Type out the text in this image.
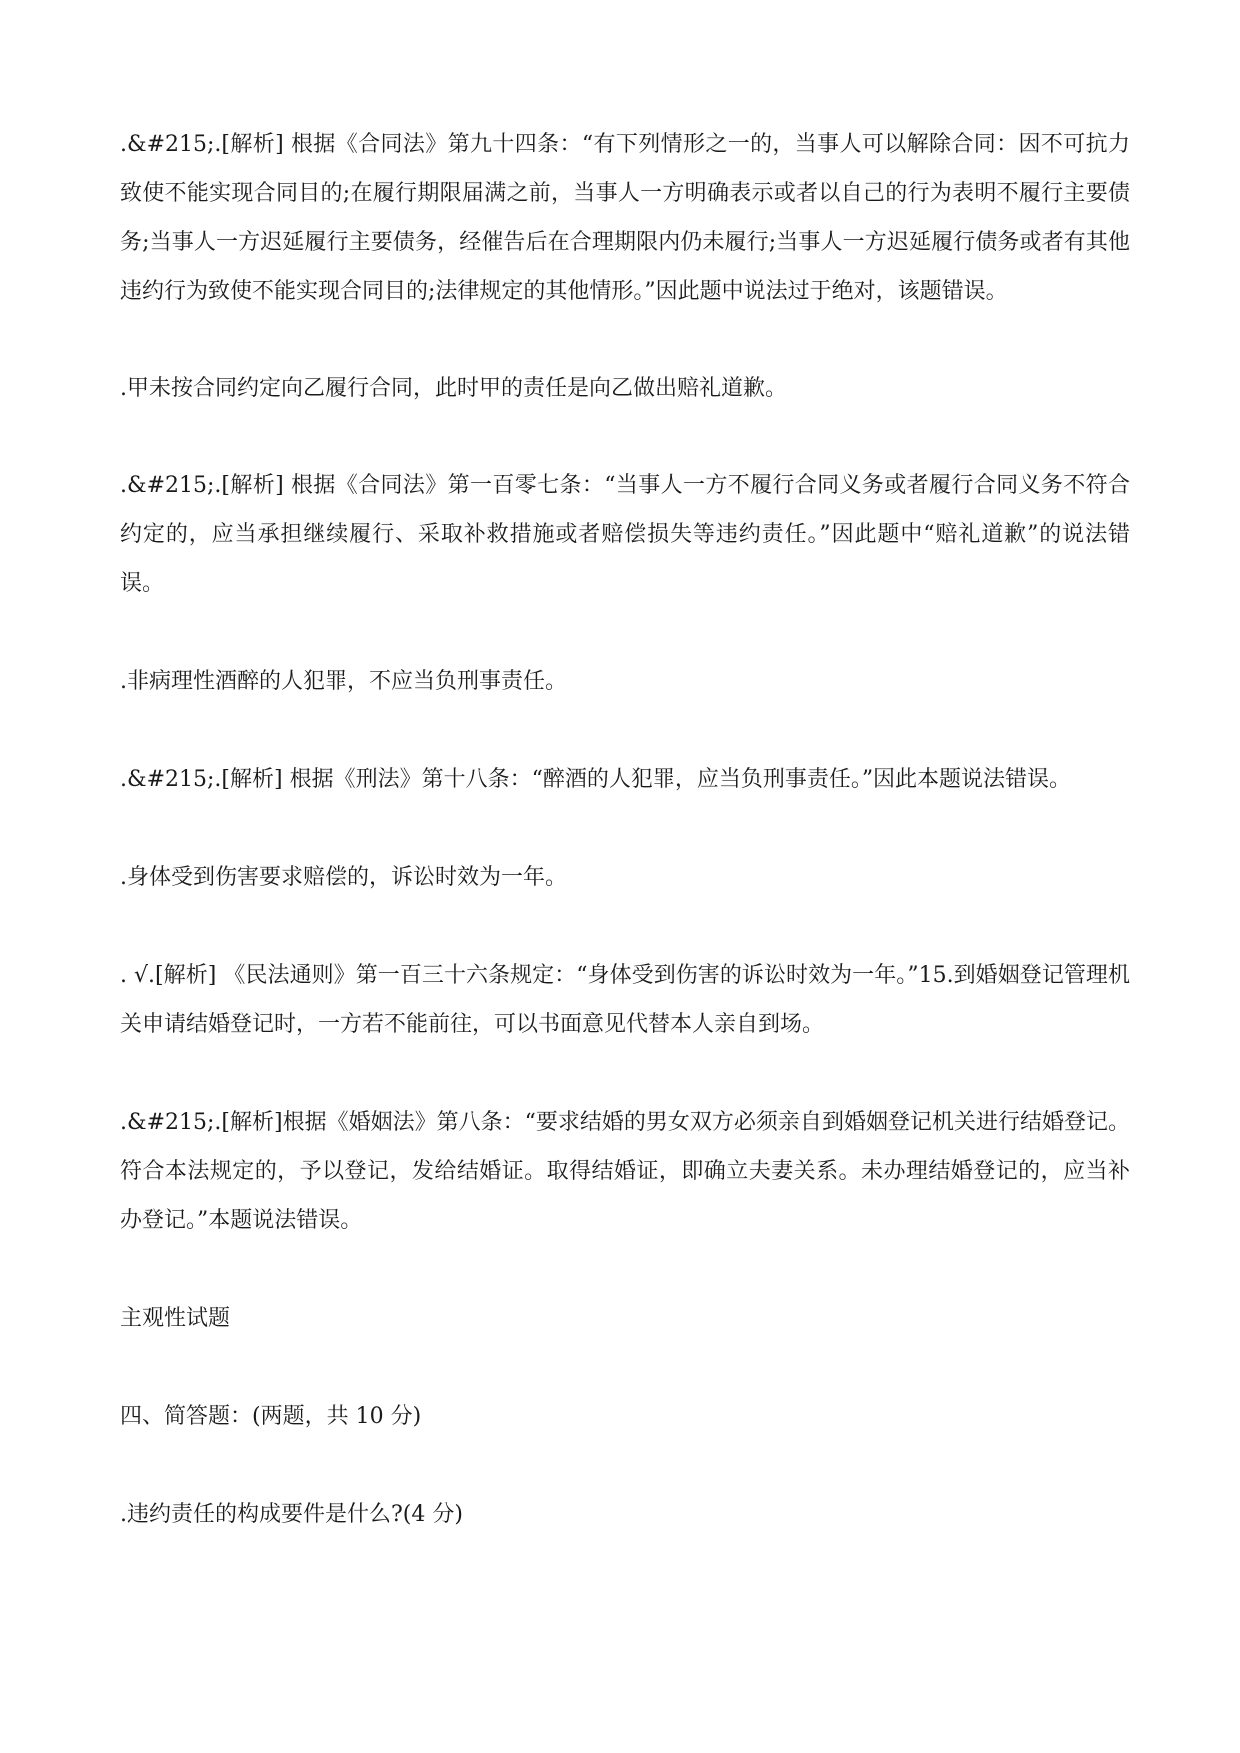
.&#215;.[解析] 根据《合同法》第九十四条：“有下列情形之一的，当事人可以解除合同：因不可抗力致使不能实现合同目的;在履行期限届满之前，当事人一方明确表示或者以自己的行为表明不履行主要债务;当事人一方迟延履行主要债务，经催告后在合理期限内仍未履行;当事人一方迟延履行债务或者有其他违约行为致使不能实现合同目的;法律规定的其他情形。”因此题中说法过于绝对，该题错误。

.甲未按合同约定向乙履行合同，此时甲的责任是向乙做出赔礼道歉。

.&#215;.[解析] 根据《合同法》第一百零七条：“当事人一方不履行合同义务或者履行合同义务不符合约定的，应当承担继续履行、采取补救措施或者赔偿损失等违约责任。”因此题中“赔礼道歉”的说法错误。

.非病理性酒醉的人犯罪，不应当负刑事责任。

.&#215;.[解析] 根据《刑法》第十八条：“醉酒的人犯罪，应当负刑事责任。”因此本题说法错误。

.身体受到伤害要求赔偿的，诉讼时效为一年。

. √.[解析] 《民法通则》第一百三十六条规定：“身体受到伤害的诉讼时效为一年。”15.到婚姻登记管理机关申请结婚登记时，一方若不能前往，可以书面意见代替本人亲自到场。

.&#215;.[解析]根据《婚姻法》第八条：“要求结婚的男女双方必须亲自到婚姻登记机关进行结婚登记。符合本法规定的，予以登记，发给结婚证。取得结婚证，即确立夫妻关系。未办理结婚登记的，应当补办登记。”本题说法错误。

主观性试题

四、简答题：(两题，共 10 分)

.违约责任的构成要件是什么?(4 分)
